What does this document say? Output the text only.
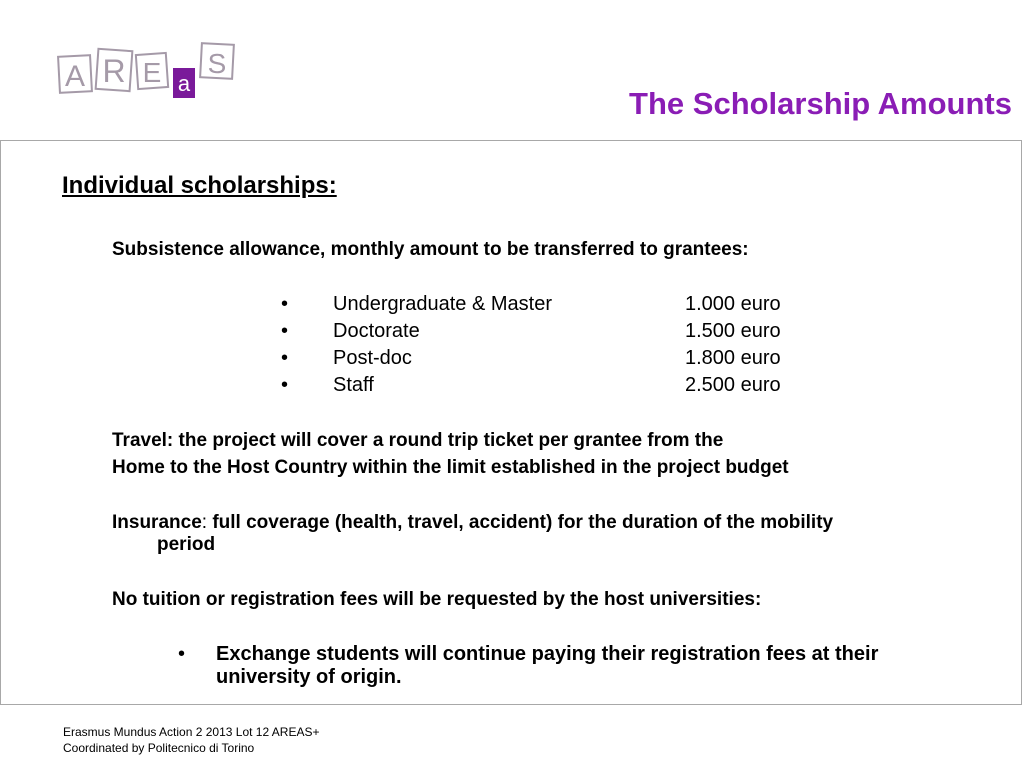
A R E a
S
The Scholarship Amounts
Individual scholarships:
Subsistence allowance, monthly amount to be transferred to grantees:
• Undergraduate & Master	1.000 euro
• Doctorate	1.500 euro
• Post-doc	1.800 euro
• Staff	2.500 euro
Travel: the project will cover a round trip ticket per grantee from the
Home to the Host Country within the limit established in the project budget
Insurance: full coverage (health, travel, accident) for the duration of the mobility
period
No tuition or registration fees will be requested by the host universities:
• Exchange students will continue paying their registration fees at their
university of origin.
Erasmus Mundus Action 2 2013 Lot 12 AREAS+
Coordinated by Politecnico di Torino
